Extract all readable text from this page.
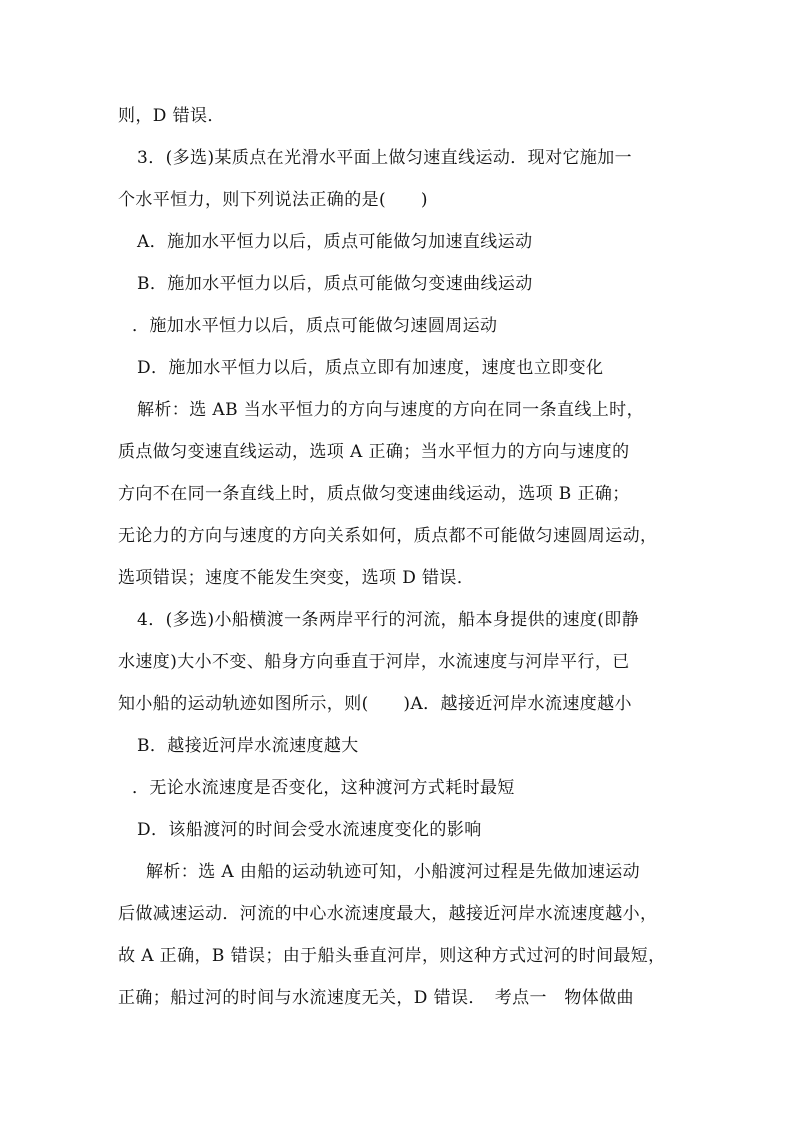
则，D 错误．
3．(多选)某质点在光滑水平面上做匀速直线运动．现对它施加一
个水平恒力，则下列说法正确的是(　　)
A．施加水平恒力以后，质点可能做匀加速直线运动
B．施加水平恒力以后，质点可能做匀变速曲线运动
．施加水平恒力以后，质点可能做匀速圆周运动
D．施加水平恒力以后，质点立即有加速度，速度也立即变化
解析：选 AB 当水平恒力的方向与速度的方向在同一条直线上时，
质点做匀变速直线运动，选项 A 正确；当水平恒力的方向与速度的
方向不在同一条直线上时，质点做匀变速曲线运动，选项 B 正确；
无论力的方向与速度的方向关系如何，质点都不可能做匀速圆周运动，
选项错误；速度不能发生突变，选项 D 错误．
4．(多选)小船横渡一条两岸平行的河流，船本身提供的速度(即静
水速度)大小不变、船身方向垂直于河岸，水流速度与河岸平行，已
知小船的运动轨迹如图所示，则(　　)A．越接近河岸水流速度越小
B．越接近河岸水流速度越大
．无论水流速度是否变化，这种渡河方式耗时最短
D．该船渡河的时间会受水流速度变化的影响
解析：选 A 由船的运动轨迹可知，小船渡河过程是先做加速运动
后做减速运动．河流的中心水流速度最大，越接近河岸水流速度越小，
故 A 正确，B 错误；由于船头垂直河岸，则这种方式过河的时间最短，
正确；船过河的时间与水流速度无关，D 错误．　考点一　物体做曲
